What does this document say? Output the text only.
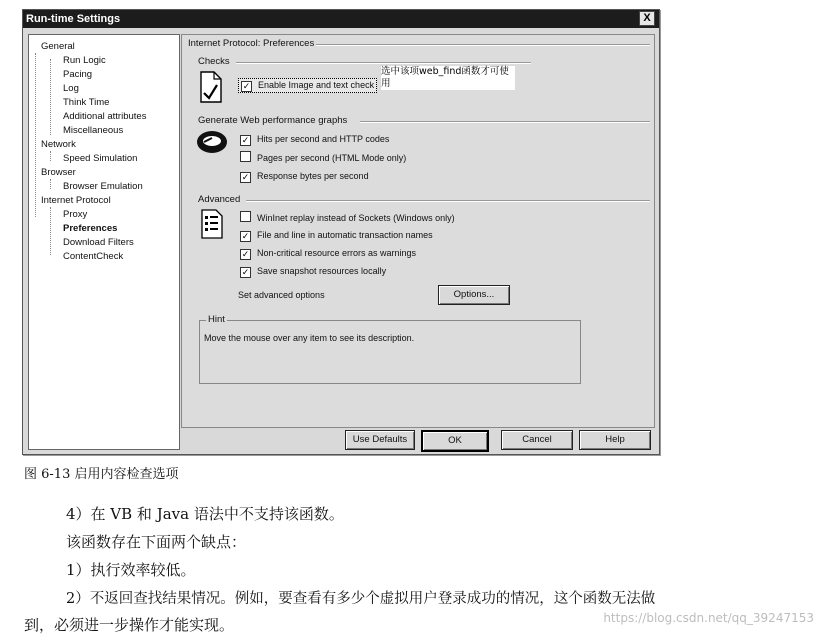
Run-time Settings	X
General
Run Logic
Pacing
Log
Think Time
Additional attributes
Miscellaneous
Network
Speed Simulation
Browser
Browser Emulation
Internet Protocol
Proxy
Preferences
Download Filters
ContentCheck
Internet Protocol: Preferences
Checks
✓ Enable Image and text check
Generate Web performance graphs
✓ Hits per second and HTTP codes
Pages per second (HTML Mode only)
✓ Response bytes per second
Advanced
WinInet replay instead of Sockets (Windows only)
✓ File and line in automatic transaction names
✓ Non-critical resource errors as warnings
✓ Save snapshot resources locally
Set advanced options	Options...
Hint
Move the mouse over any item to see its description.
Use Defaults	OK	Cancel	Help
选中该项web_find函数才可使用
图 6-13 启用内容检查选项
4）在 VB 和 Java 语法中不支持该函数。
该函数存在下面两个缺点：
1）执行效率较低。
2）不返回查找结果情况。例如，要查看有多少个虚拟用户登录成功的情况，这个函数无法做
到，必须进一步操作才能实现。	https://blog.csdn.net/qq_39247153
